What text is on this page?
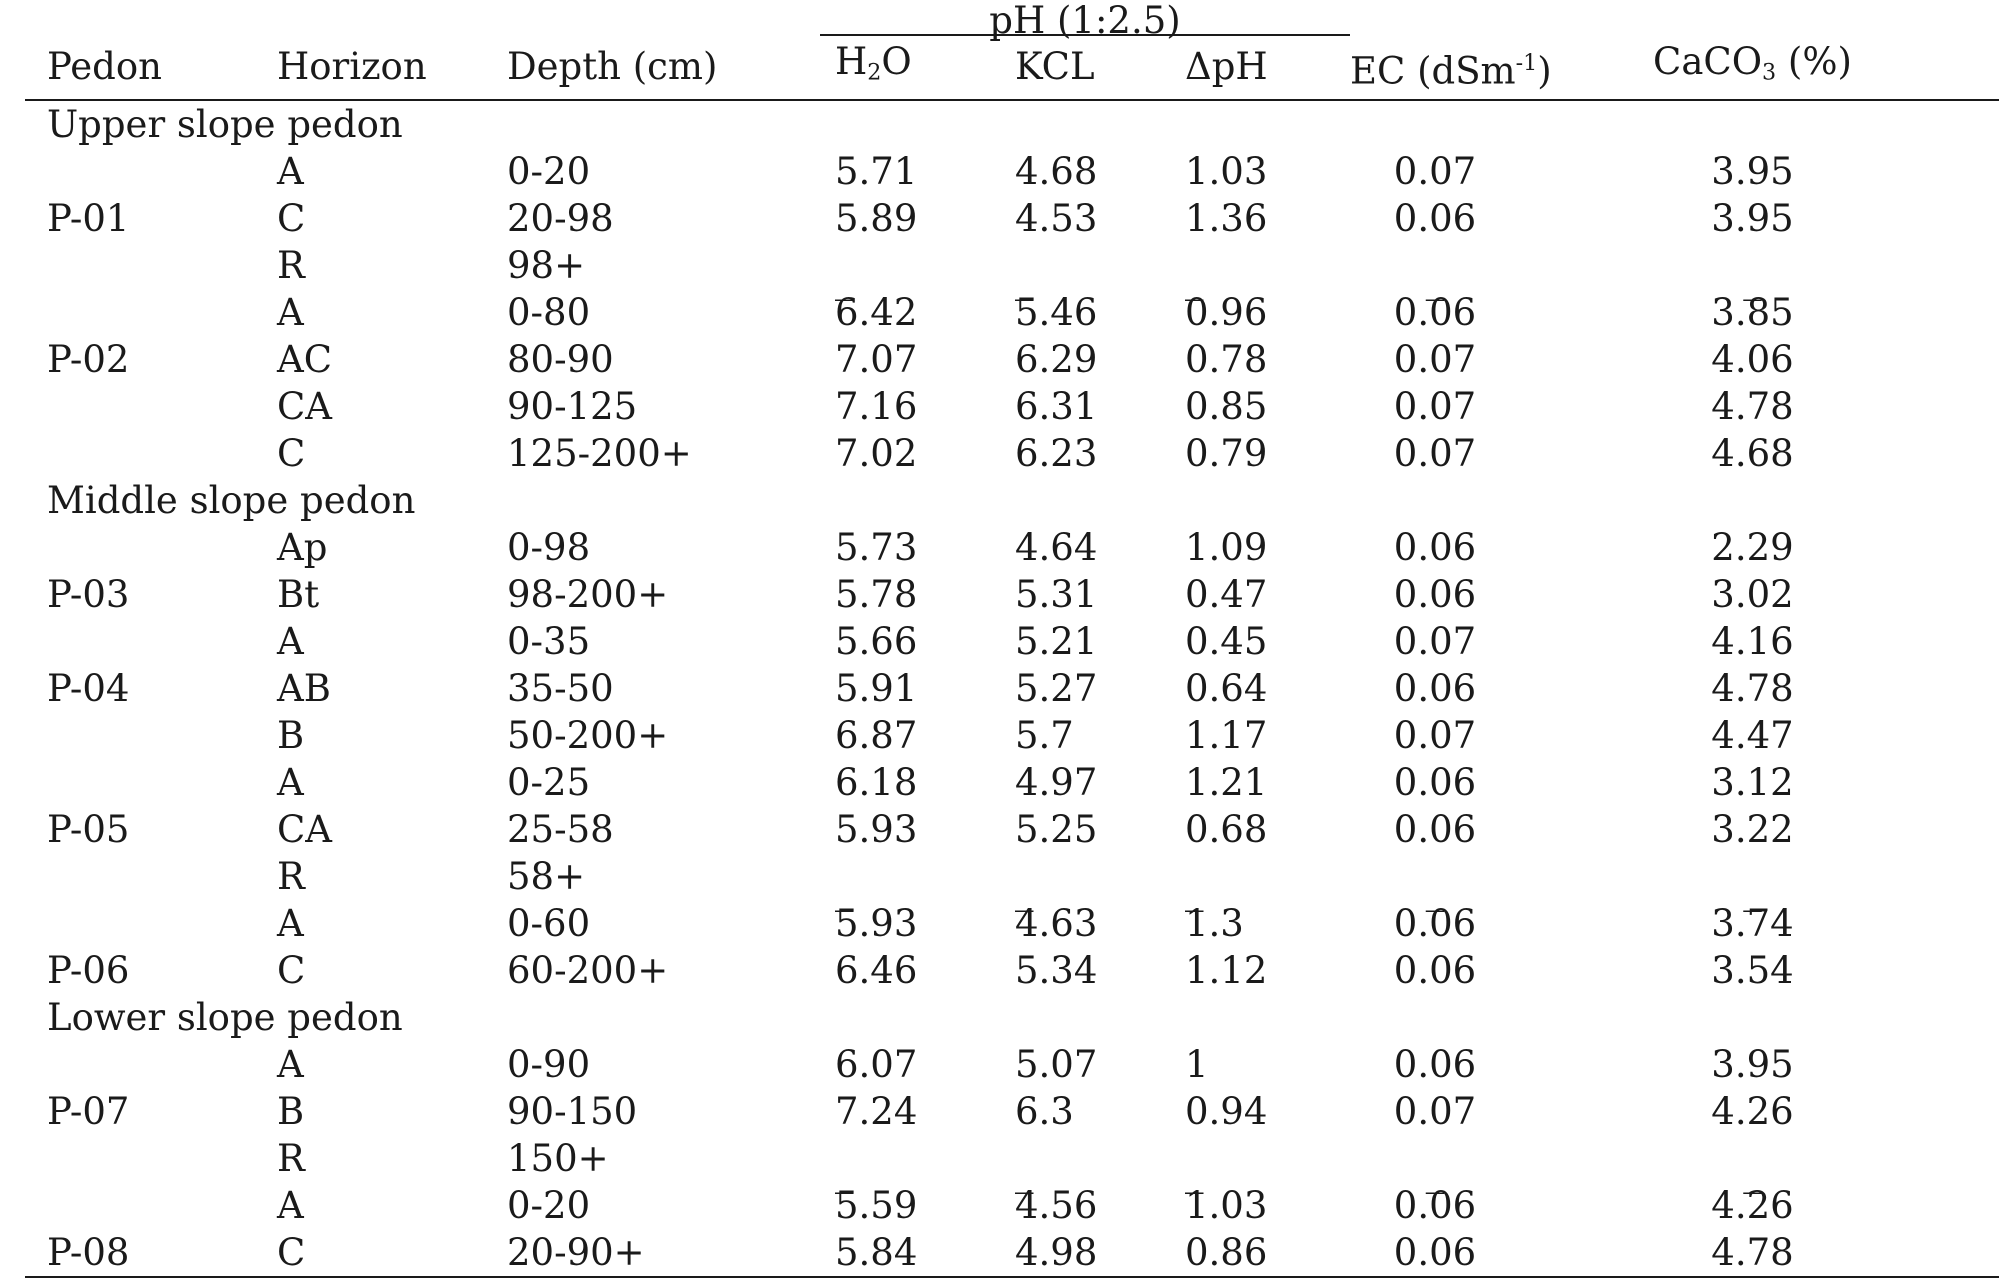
			pH (1:2.5)				
Pedon	Horizon	Depth (cm)	$H_2O$	KCL	ΔpH	EC (dSm$^{-1}$)	CaCO$_3$ (%)
Upper slope pedon							
	A	0-20	5.71	4.68	1.03	0.07	3.95
P-01	C	20-98	5.89	4.53	1.36	0.06	3.95
	R	98+	_	_	_	_	_
	A	0-80	6.42	5.46	0.96	0.06	3.85
P-02	AC	80-90	7.07	6.29	0.78	0.07	4.06
	CA	90-125	7.16	6.31	0.85	0.07	4.78
	C	125-200+	7.02	6.23	0.79	0.07	4.68
Middle slope pedon							
	Ap	0-98	5.73	4.64	1.09	0.06	2.29
P-03	Bt	98-200+	5.78	5.31	0.47	0.06	3.02
	A	0-35	5.66	5.21	0.45	0.07	4.16
P-04	AB	35-50	5.91	5.27	0.64	0.06	4.78
	B	50-200+	6.87	5.7	1.17	0.07	4.47
	A	0-25	6.18	4.97	1.21	0.06	3.12
P-05	CA	25-58	5.93	5.25	0.68	0.06	3.22
	R	58+	_	_	_	_	_
	A	0-60	5.93	4.63	1.3	0.06	3.74
P-06	C	60-200+	6.46	5.34	1.12	0.06	3.54
Lower slope pedon							
	A	0-90	6.07	5.07	1	0.06	3.95
P-07	B	90-150	7.24	6.3	0.94	0.07	4.26
	R	150+	_	_	_	_	_
	A	0-20	5.59	4.56	1.03	0.06	4.26
P-08	C	20-90+	5.84	4.98	0.86	0.06	4.78
